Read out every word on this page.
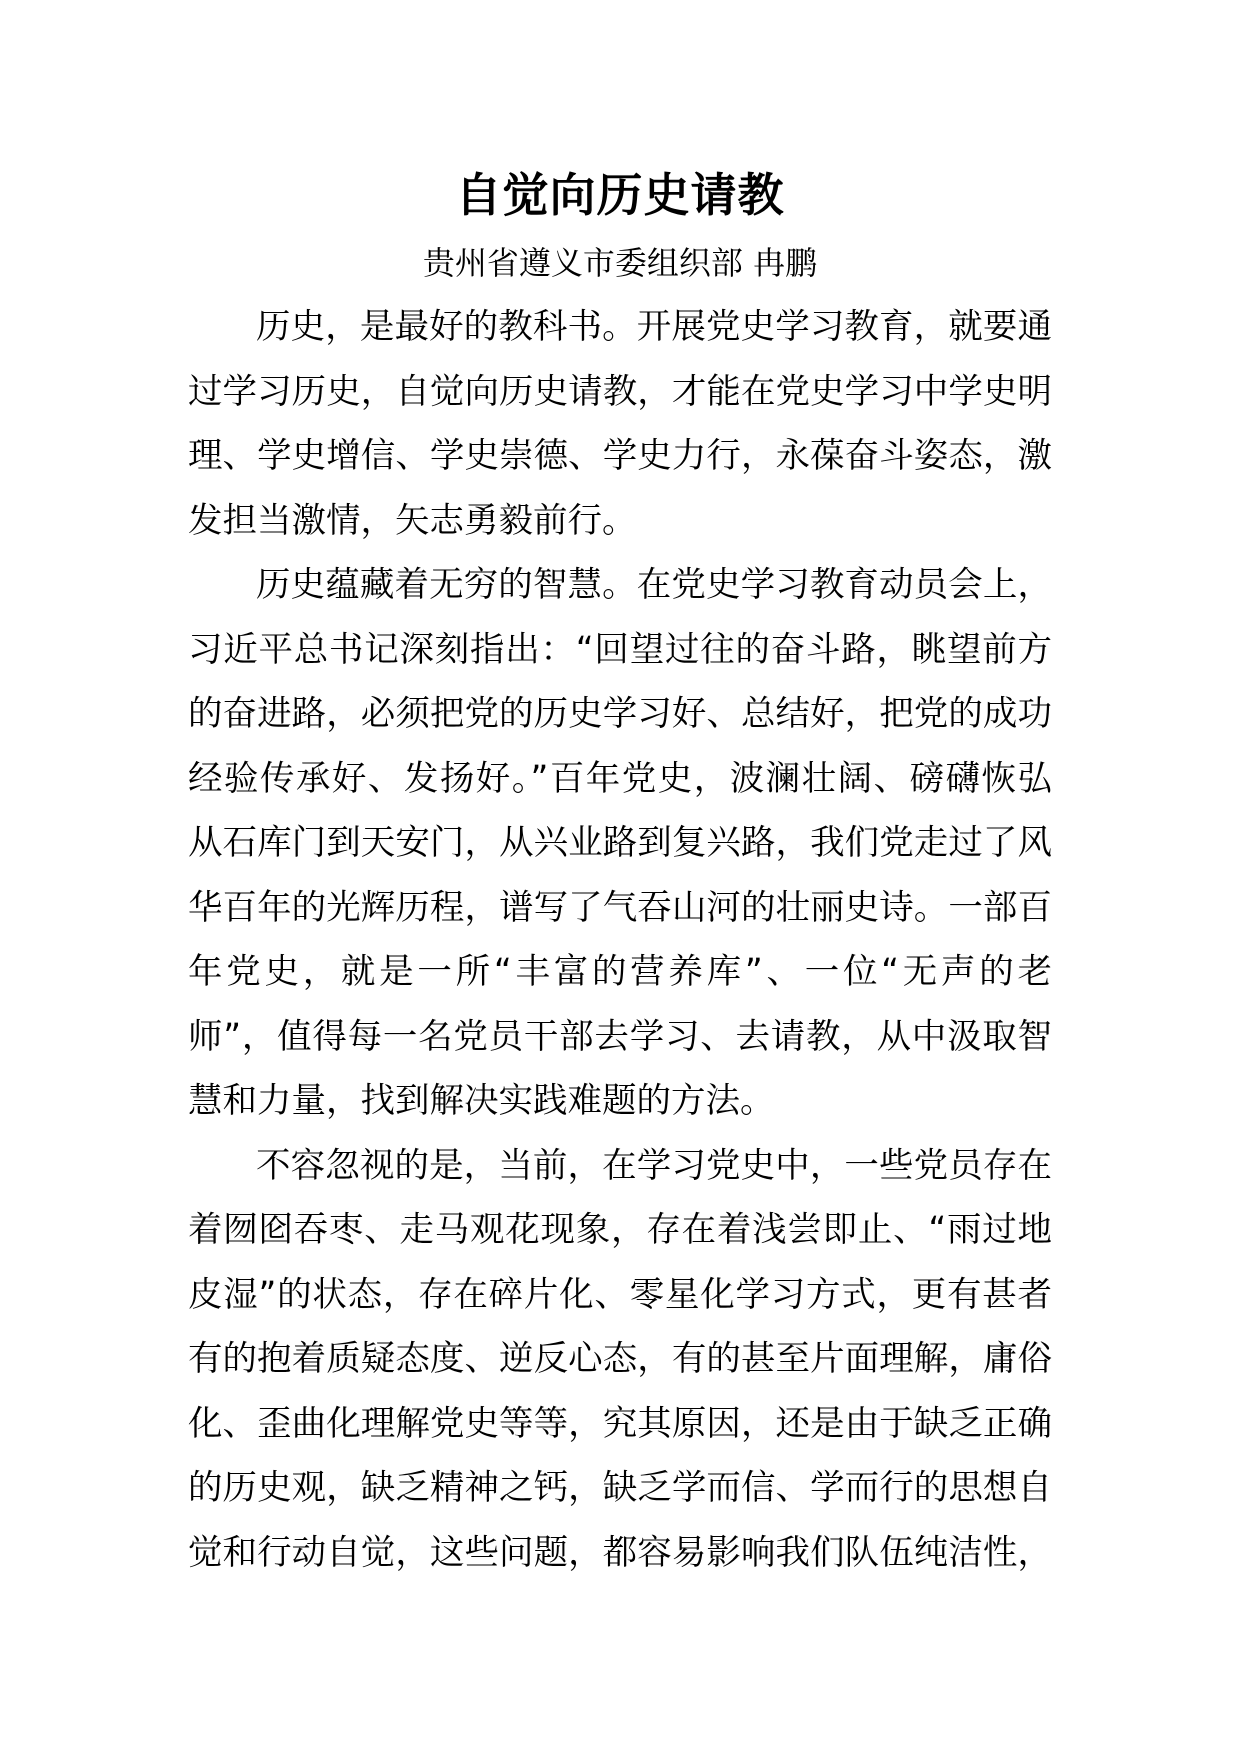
自觉向历史请教
贵州省遵义市委组织部 冉鹏
历史，是最好的教科书。开展党史学习教育，就要通
过学习历史，自觉向历史请教，才能在党史学习中学史明
理、学史增信、学史崇德、学史力行，永葆奋斗姿态，激
发担当激情，矢志勇毅前行。
历史蕴藏着无穷的智慧。在党史学习教育动员会上，
习近平总书记深刻指出：“回望过往的奋斗路，眺望前方
的奋进路，必须把党的历史学习好、总结好，把党的成功
经验传承好、发扬好。”百年党史，波澜壮阔、磅礴恢弘
从石库门到天安门，从兴业路到复兴路，我们党走过了风
华百年的光辉历程，谱写了气吞山河的壮丽史诗。一部百
年党史，就是一所“丰富的营养库”、一位“无声的老
师”，值得每一名党员干部去学习、去请教，从中汲取智
慧和力量，找到解决实践难题的方法。
不容忽视的是，当前，在学习党史中，一些党员存在
着囫囵吞枣、走马观花现象，存在着浅尝即止、“雨过地
皮湿”的状态，存在碎片化、零星化学习方式，更有甚者
有的抱着质疑态度、逆反心态，有的甚至片面理解，庸俗
化、歪曲化理解党史等等，究其原因，还是由于缺乏正确
的历史观，缺乏精神之钙，缺乏学而信、学而行的思想自
觉和行动自觉，这些问题，都容易影响我们队伍纯洁性，
